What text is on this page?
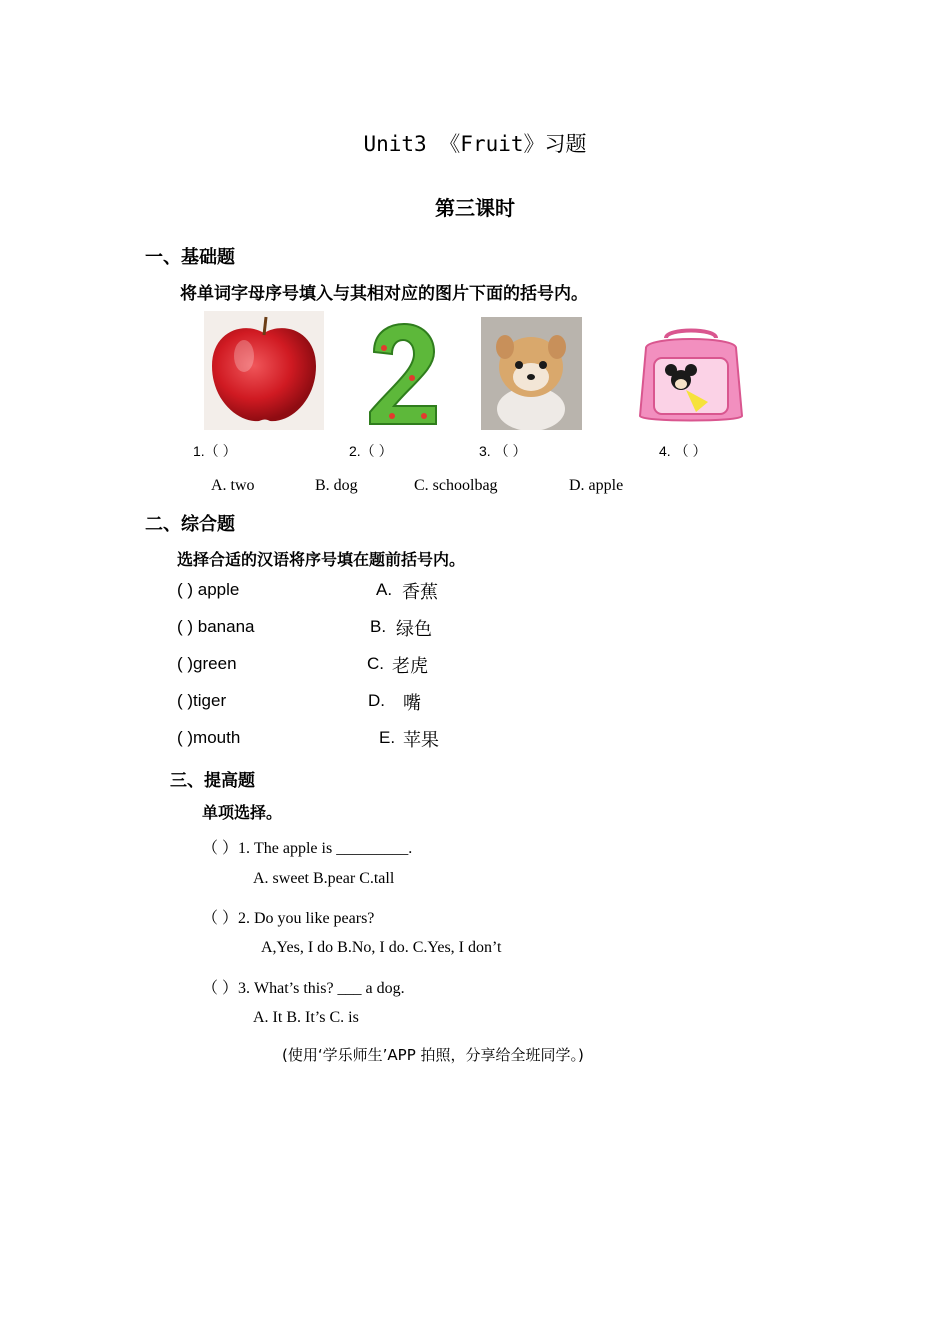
Unit3 《Fruit》习题
第三课时
一、基础题
将单词字母序号填入与其相对应的图片下面的括号内。
1.（ ）	2.（ ）	3. （ ）	4. （ ）
A. two	B. dog	C. schoolbag	D. apple
二、综合题
选择合适的汉语将序号填在题前括号内。
( ) apple	A. 香蕉
( ) banana	B. 绿色
( )green	C. 老虎
( )tiger	D. 嘴
( )mouth	E. 苹果
三、提高题
单项选择。
（ ）1. The apple is _________.
A. sweet B.pear C.tall
（ ）2. Do you like pears?
A,Yes, I do B.No, I do. C.Yes, I don’t
（ ）3. What’s this? ___ a dog.
A. It B. It’s C. is
(使用‘学乐师生’APP 拍照，分享给全班同学。)
